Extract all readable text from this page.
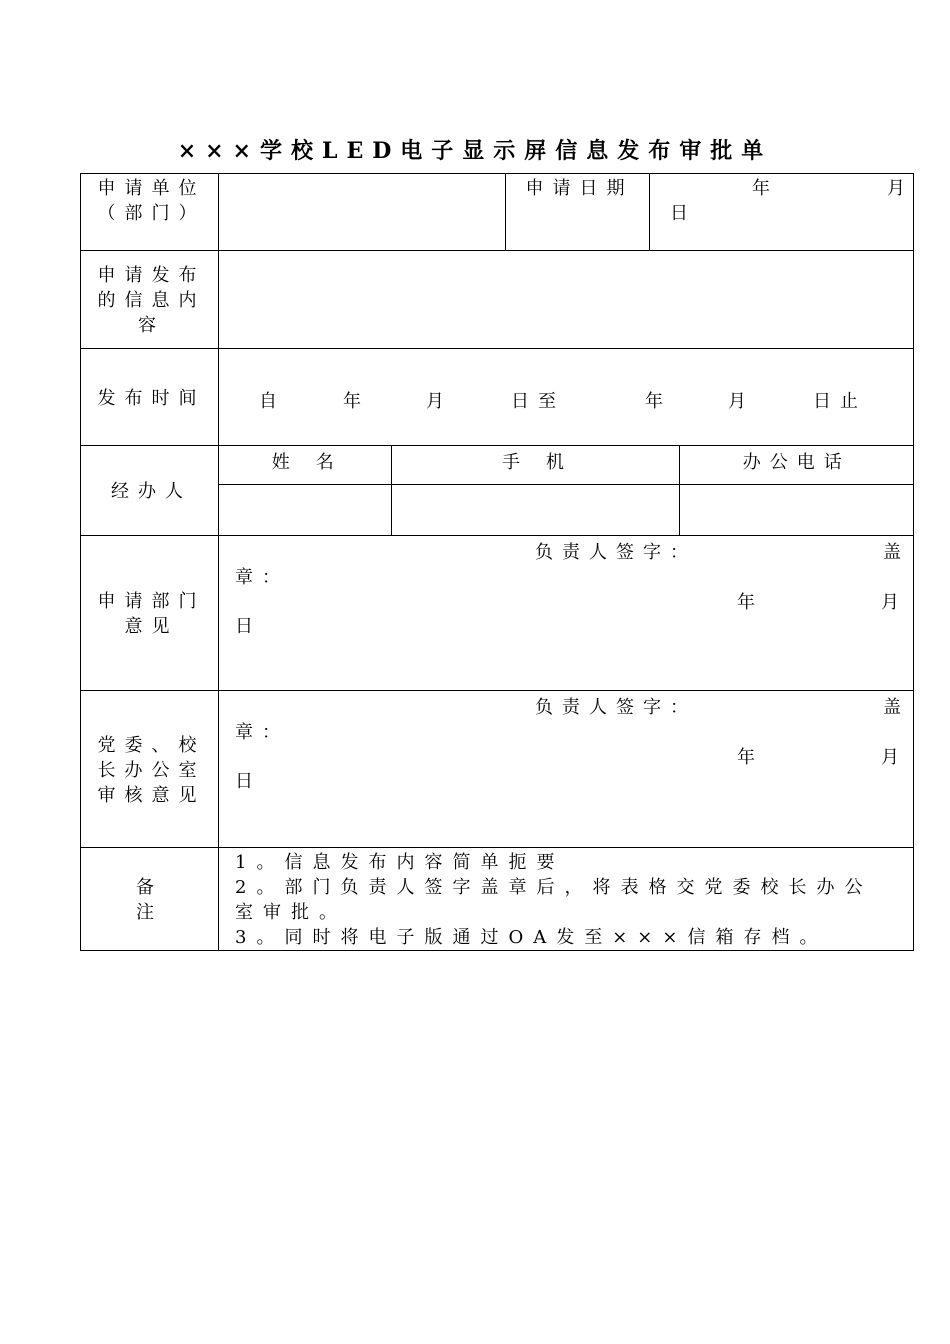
×××学校LED电子显示屏信息发布审批单
申请单位（部门）		申请日期	年	月
日

申请发布的信息内容	
发布时间	自	年	月	日至	年	月	日止

经办人	
姓　名	手　机	办公电话

申请部门意见	
负责人签字：	盖
章：
年	月
日

党委、校长办公室审核意见	
负责人签字：	盖
章：
年	月
日

备注	
1。信息发布内容简单扼要
2。部门负责人签字盖章后，将表格交党委校长办公室审批。
3。同时将电子版通过OA发至×××信箱存档。
